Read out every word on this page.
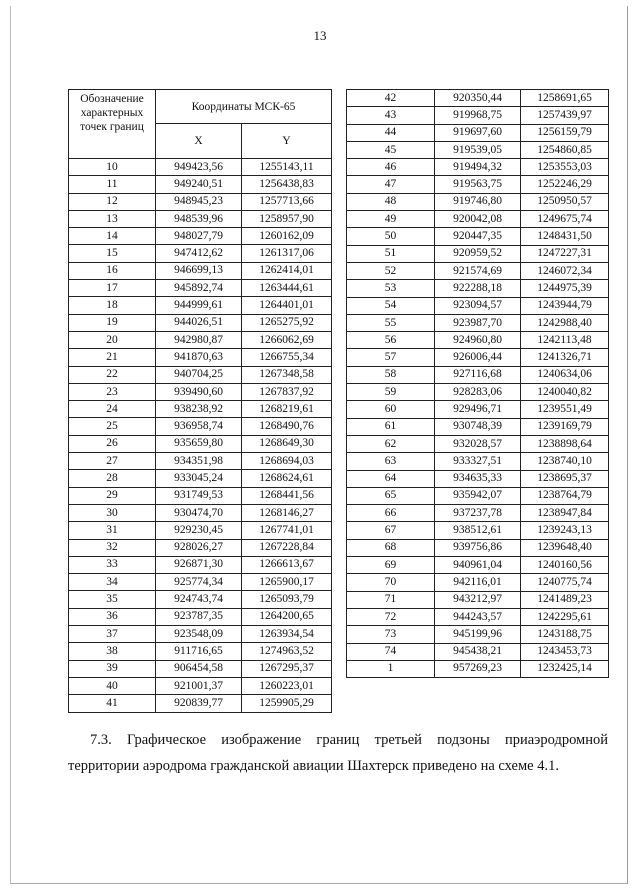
13
Обозначение характерных точек границ	Координаты МСК-65	
	X	Y
10	949423,56	1255143,11
11	949240,51	1256438,83
12	948945,23	1257713,66
13	948539,96	1258957,90
14	948027,79	1260162,09
15	947412,62	1261317,06
16	946699,13	1262414,01
17	945892,74	1263444,61
18	944999,61	1264401,01
19	944026,51	1265275,92
20	942980,87	1266062,69
21	941870,63	1266755,34
22	940704,25	1267348,58
23	939490,60	1267837,92
24	938238,92	1268219,61
25	936958,74	1268490,76
26	935659,80	1268649,30
27	934351,98	1268694,03
28	933045,24	1268624,61
29	931749,53	1268441,56
30	930474,70	1268146,27
31	929230,45	1267741,01
32	928026,27	1267228,84
33	926871,30	1266613,67
34	925774,34	1265900,17
35	924743,74	1265093,79
36	923787,35	1264200,65
37	923548,09	1263934,54
38	911716,65	1274963,52
39	906454,58	1267295,37
40	921001,37	1260223,01
41	920839,77	1259905,29
42	920350,44	1258691,65
43	919968,75	1257439,97
44	919697,60	1256159,79
45	919539,05	1254860,85
46	919494,32	1253553,03
47	919563,75	1252246,29
48	919746,80	1250950,57
49	920042,08	1249675,74
50	920447,35	1248431,50
51	920959,52	1247227,31
52	921574,69	1246072,34
53	922288,18	1244975,39
54	923094,57	1243944,79
55	923987,70	1242988,40
56	924960,80	1242113,48
57	926006,44	1241326,71
58	927116,68	1240634,06
59	928283,06	1240040,82
60	929496,71	1239551,49
61	930748,39	1239169,79
62	932028,57	1238898,64
63	933327,51	1238740,10
64	934635,33	1238695,37
65	935942,07	1238764,79
66	937237,78	1238947,84
67	938512,61	1239243,13
68	939756,86	1239648,40
69	940961,04	1240160,56
70	942116,01	1240775,74
71	943212,97	1241489,23
72	944243,57	1242295,61
73	945199,96	1243188,75
74	945438,21	1243453,73
1	957269,23	1232425,14
7.3. Графическое изображение границ третьей подзоны приаэродромной
территории аэродрома гражданской авиации Шахтерск приведено на схеме 4.1.
